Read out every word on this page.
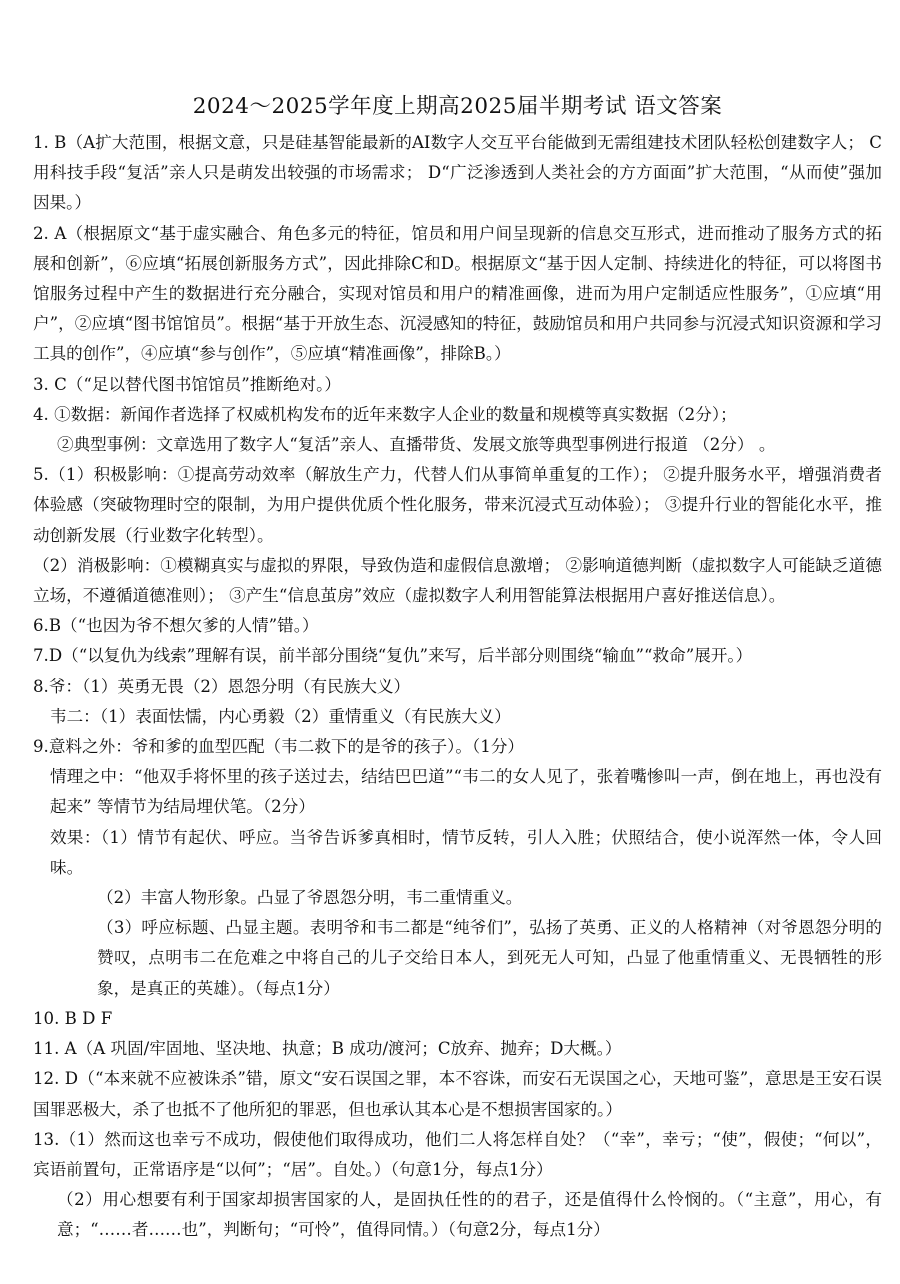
2024～2025学年度上期高2025届半期考试 语文答案

1. B（A扩大范围，根据文意，只是硅基智能最新的AI数字人交互平台能做到无需组建技术团队轻松创建数字人； C用科技手段“复活”亲人只是萌发出较强的市场需求； D“广泛渗透到人类社会的方方面面”扩大范围，“从而使”强加因果。）

2. A（根据原文“基于虚实融合、角色多元的特征，馆员和用户间呈现新的信息交互形式，进而推动了服务方式的拓展和创新”，⑥应填“拓展创新服务方式”，因此排除C和D。根据原文“基于因人定制、持续进化的特征，可以将图书馆服务过程中产生的数据进行充分融合，实现对馆员和用户的精准画像，进而为用户定制适应性服务”，①应填“用户”，②应填“图书馆馆员”。根据“基于开放生态、沉浸感知的特征，鼓励馆员和用户共同参与沉浸式知识资源和学习工具的创作”，④应填“参与创作”，⑤应填“精准画像”，排除B。）

3. C（“足以替代图书馆馆员”推断绝对。）

4. ①数据：新闻作者选择了权威机构发布的近年来数字人企业的数量和规模等真实数据（2分）；

②典型事例：文章选用了数字人“复活”亲人、直播带货、发展文旅等典型事例进行报道 （2分） 。

5.（1）积极影响：①提高劳动效率（解放生产力，代替人们从事简单重复的工作）； ②提升服务水平，增强消费者体验感（突破物理时空的限制，为用户提供优质个性化服务，带来沉浸式互动体验）； ③提升行业的智能化水平，推动创新发展（行业数字化转型）。

（2）消极影响：①模糊真实与虚拟的界限，导致伪造和虚假信息激增； ②影响道德判断（虚拟数字人可能缺乏道德立场，不遵循道德准则）； ③产生“信息茧房”效应（虚拟数字人利用智能算法根据用户喜好推送信息）。

6.B（“也因为爷不想欠爹的人情”错。）

7.D（“以复仇为线索”理解有误，前半部分围绕“复仇”来写，后半部分则围绕“输血”“救命”展开。）

8.爷：（1）英勇无畏（2）恩怨分明（有民族大义）

韦二：（1）表面怯懦，内心勇毅（2）重情重义（有民族大义）

9.意料之外：爷和爹的血型匹配（韦二救下的是爷的孩子）。（1分）

情理之中：“他双手将怀里的孩子送过去，结结巴巴道”“韦二的女人见了，张着嘴惨叫一声，倒在地上，再也没有起来” 等情节为结局埋伏笔。（2分）

效果：（1）情节有起伏、呼应。当爷告诉爹真相时，情节反转，引人入胜；伏照结合，使小说浑然一体，令人回味。

（2）丰富人物形象。凸显了爷恩怨分明，韦二重情重义。

（3）呼应标题、凸显主题。表明爷和韦二都是“纯爷们”，弘扬了英勇、正义的人格精神（对爷恩怨分明的赞叹，点明韦二在危难之中将自己的儿子交给日本人，到死无人可知，凸显了他重情重义、无畏牺牲的形象，是真正的英雄）。（每点1分）

10. B D F

11. A（A 巩固/牢固地、坚决地、执意；B 成功/渡河；C放弃、抛弃；D大概。）

12. D（“本来就不应被诛杀”错，原文“安石误国之罪，本不容诛，而安石无误国之心，天地可鉴”，意思是王安石误国罪恶极大，杀了也抵不了他所犯的罪恶，但也承认其本心是不想损害国家的。）

13.（1）然而这也幸亏不成功，假使他们取得成功，他们二人将怎样自处？（“幸”，幸亏；“使”，假使；“何以”，宾语前置句，正常语序是“以何”；“居”。自处。）（句意1分，每点1分）

（2）用心想要有利于国家却损害国家的人，是固执任性的的君子，还是值得什么怜悯的。（“主意”，用心，有意；“……者……也”，判断句；“可怜”，值得同情。）（句意2分，每点1分）
